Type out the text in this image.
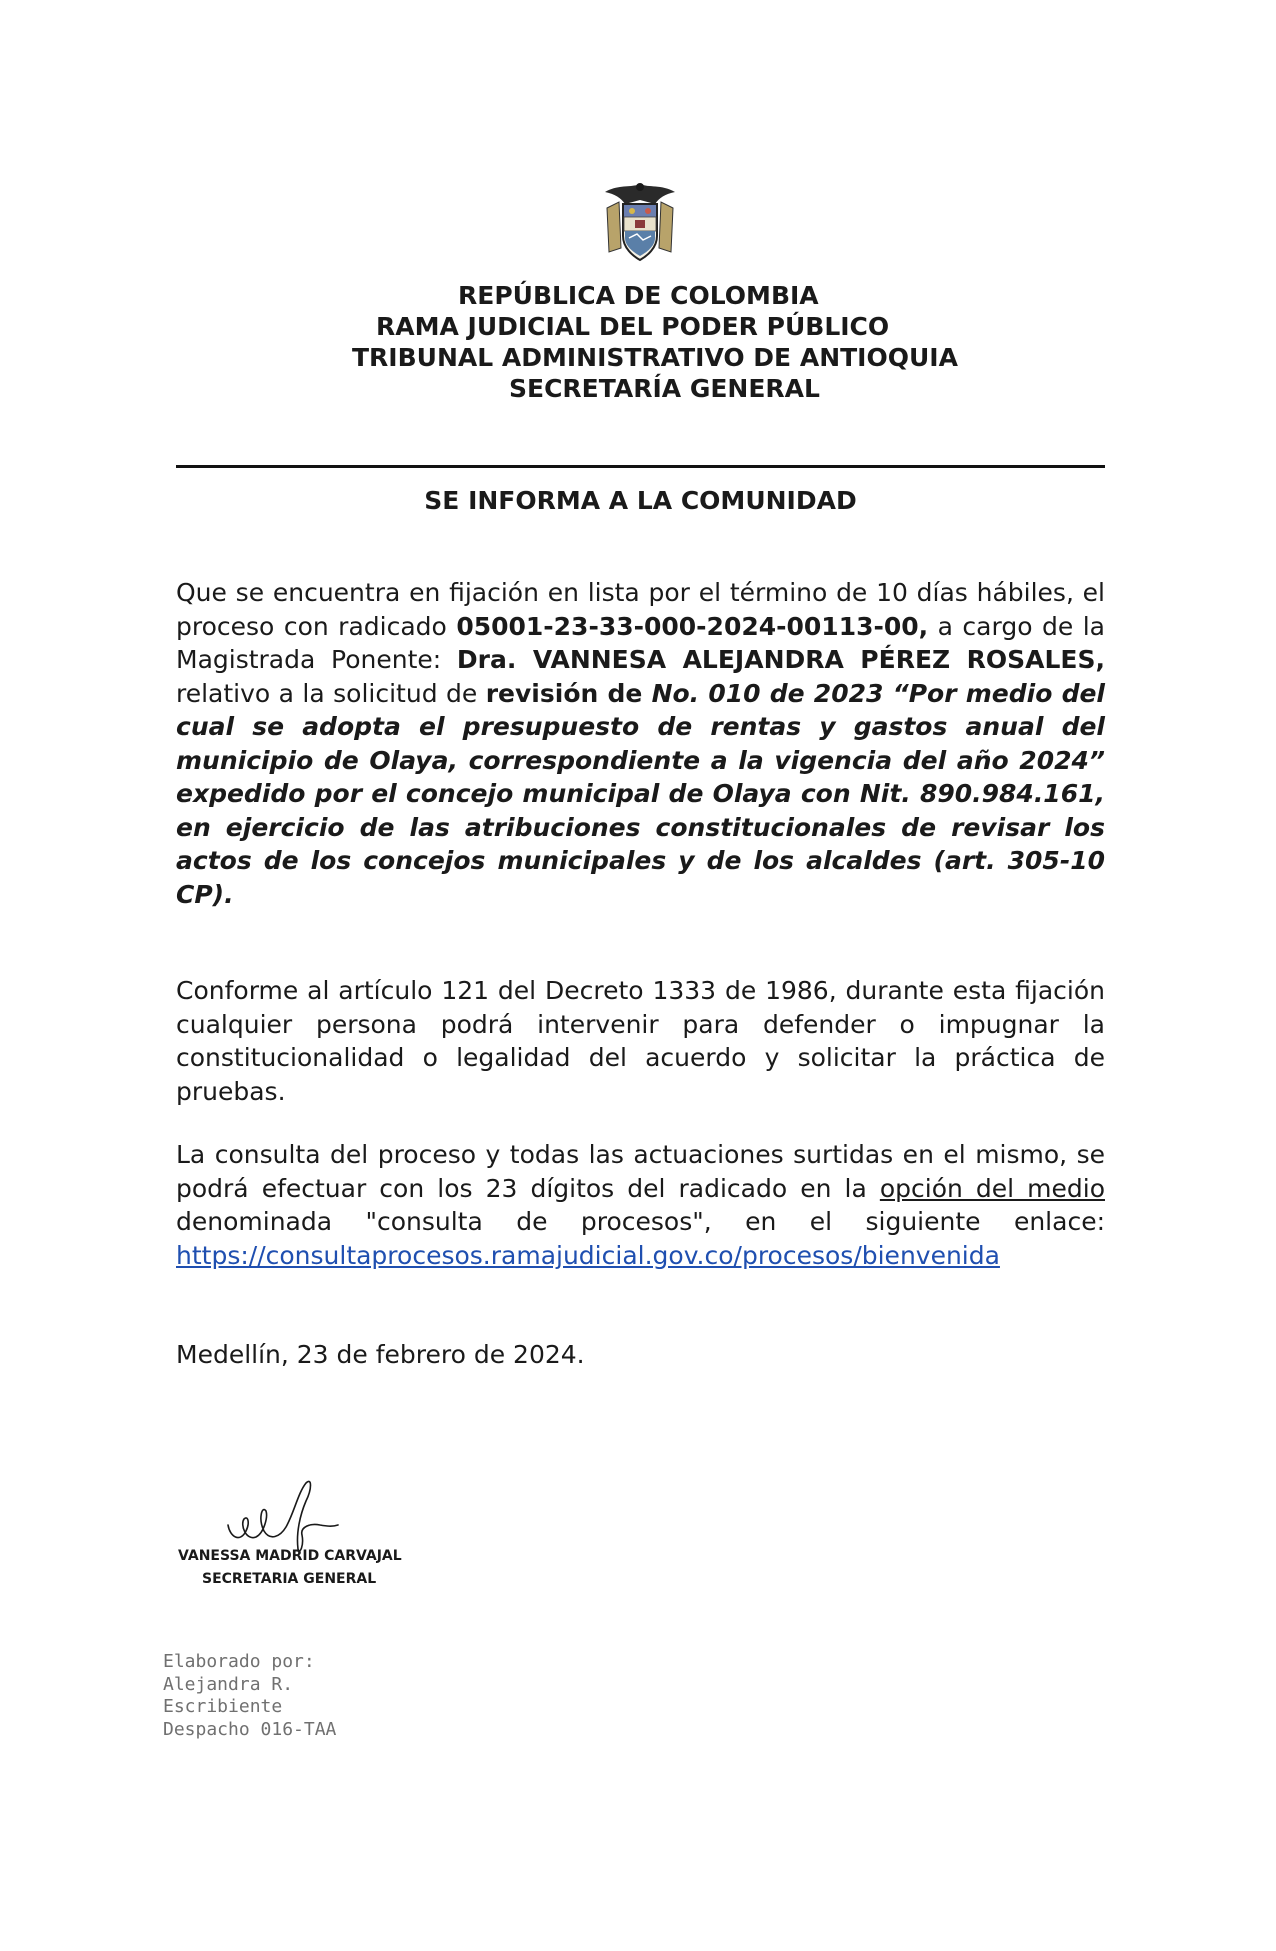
REPÚBLICA DE COLOMBIA
RAMA JUDICIAL DEL PODER PÚBLICO
TRIBUNAL ADMINISTRATIVO DE ANTIOQUIA
SECRETARÍA GENERAL
SE INFORMA A LA COMUNIDAD
Que se encuentra en fijación en lista por el término de 10 días hábiles, el proceso con radicado 05001-23-33-000-2024-00113-00, a cargo de la Magistrada Ponente: Dra. VANNESA ALEJANDRA PÉREZ ROSALES, relativo a la solicitud de revisión de No. 010 de 2023 “Por medio del cual se adopta el presupuesto de rentas y gastos anual del municipio de Olaya, correspondiente a la vigencia del año 2024” expedido por el concejo municipal de Olaya con Nit. 890.984.161, en ejercicio de las atribuciones constitucionales de revisar los actos de los concejos municipales y de los alcaldes (art. 305-10 CP).
Conforme al artículo 121 del Decreto 1333 de 1986, durante esta fijación cualquier persona podrá intervenir para defender o impugnar la constitucionalidad o legalidad del acuerdo y solicitar la práctica de pruebas.
La consulta del proceso y todas las actuaciones surtidas en el mismo, se podrá efectuar con los 23 dígitos del radicado en la opción del medio denominada "consulta de procesos", en el siguiente enlace: https://consultaprocesos.ramajudicial.gov.co/procesos/bienvenida
Medellín, 23 de febrero de 2024.
VANESSA MADRID CARVAJAL
SECRETARIA GENERAL
Elaborado por:
Alejandra R.
Escribiente
Despacho 016-TAA
